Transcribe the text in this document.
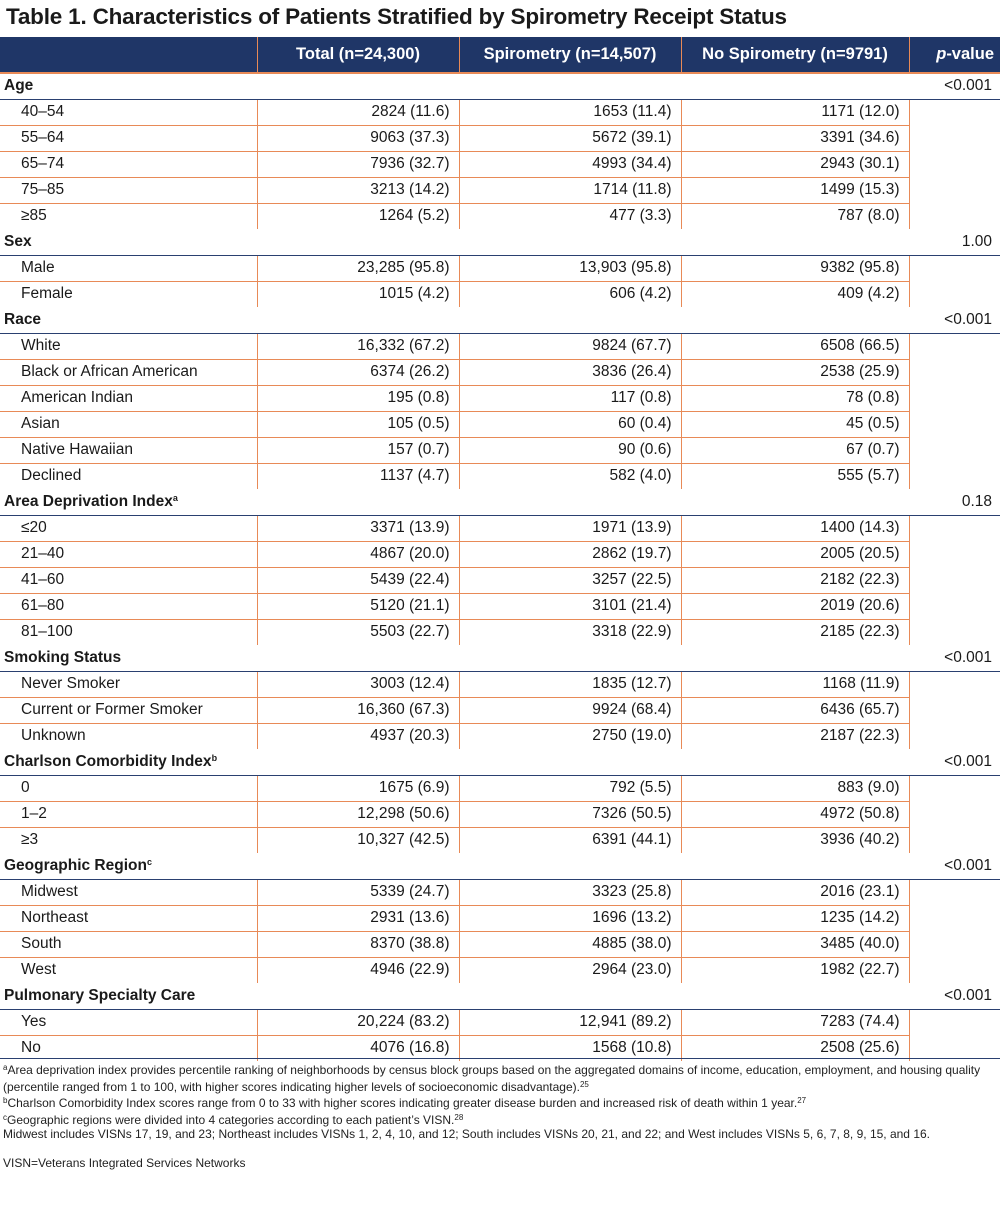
Table 1. Characteristics of Patients Stratified by Spirometry Receipt Status
	Total (n=24,300)	Spirometry (n=14,507)	No Spirometry (n=9791)	p-value
Age				<0.001
40–54	2824 (11.6)	1653 (11.4)	1171 (12.0)	
55–64	9063 (37.3)	5672 (39.1)	3391 (34.6)	
65–74	7936 (32.7)	4993 (34.4)	2943 (30.1)	
75–85	3213 (14.2)	1714 (11.8)	1499 (15.3)	
≥85	1264 (5.2)	477 (3.3)	787 (8.0)	
Sex				1.00
Male	23,285 (95.8)	13,903 (95.8)	9382 (95.8)	
Female	1015 (4.2)	606 (4.2)	409 (4.2)	
Race				<0.001
White	16,332 (67.2)	9824 (67.7)	6508 (66.5)	
Black or African American	6374 (26.2)	3836 (26.4)	2538 (25.9)	
American Indian	195 (0.8)	117 (0.8)	78 (0.8)	
Asian	105 (0.5)	60 (0.4)	45 (0.5)	
Native Hawaiian	157 (0.7)	90 (0.6)	67 (0.7)	
Declined	1137 (4.7)	582 (4.0)	555 (5.7)	
Area Deprivation Index$^a$				0.18
≤20	3371 (13.9)	1971 (13.9)	1400 (14.3)	
21–40	4867 (20.0)	2862 (19.7)	2005 (20.5)	
41–60	5439 (22.4)	3257 (22.5)	2182 (22.3)	
61–80	5120 (21.1)	3101 (21.4)	2019 (20.6)	
81–100	5503 (22.7)	3318 (22.9)	2185 (22.3)	
Smoking Status				<0.001
Never Smoker	3003 (12.4)	1835 (12.7)	1168 (11.9)	
Current or Former Smoker	16,360 (67.3)	9924 (68.4)	6436 (65.7)	
Unknown	4937 (20.3)	2750 (19.0)	2187 (22.3)	
Charlson Comorbidity Index$^b$				<0.001
0	1675 (6.9)	792 (5.5)	883 (9.0)	
1–2	12,298 (50.6)	7326 (50.5)	4972 (50.8)	
≥3	10,327 (42.5)	6391 (44.1)	3936 (40.2)	
Geographic Region$^c$				<0.001
Midwest	5339 (24.7)	3323 (25.8)	2016 (23.1)	
Northeast	2931 (13.6)	1696 (13.2)	1235 (14.2)	
South	8370 (38.8)	4885 (38.0)	3485 (40.0)	
West	4946 (22.9)	2964 (23.0)	1982 (22.7)	
Pulmonary Specialty Care				<0.001
Yes	20,224 (83.2)	12,941 (89.2)	7283 (74.4)	
No	4076 (16.8)	1568 (10.8)	2508 (25.6)	

$^a$Area deprivation index provides percentile ranking of neighborhoods by census block groups based on the aggregated domains of income, education, employment, and housing quality (percentile ranged from 1 to 100, with higher scores indicating higher levels of socioeconomic disadvantage).$^{25}$

$^b$Charlson Comorbidity Index scores range from 0 to 33 with higher scores indicating greater disease burden and increased risk of death within 1 year.$^{27}$

$^c$Geographic regions were divided into 4 categories according to each patient’s VISN.$^{28}$

Midwest includes VISNs 17, 19, and 23; Northeast includes VISNs 1, 2, 4, 10, and 12; South includes VISNs 20, 21, and 22; and West includes VISNs 5, 6, 7, 8, 9, 15, and 16.

VISN=Veterans Integrated Services Networks
